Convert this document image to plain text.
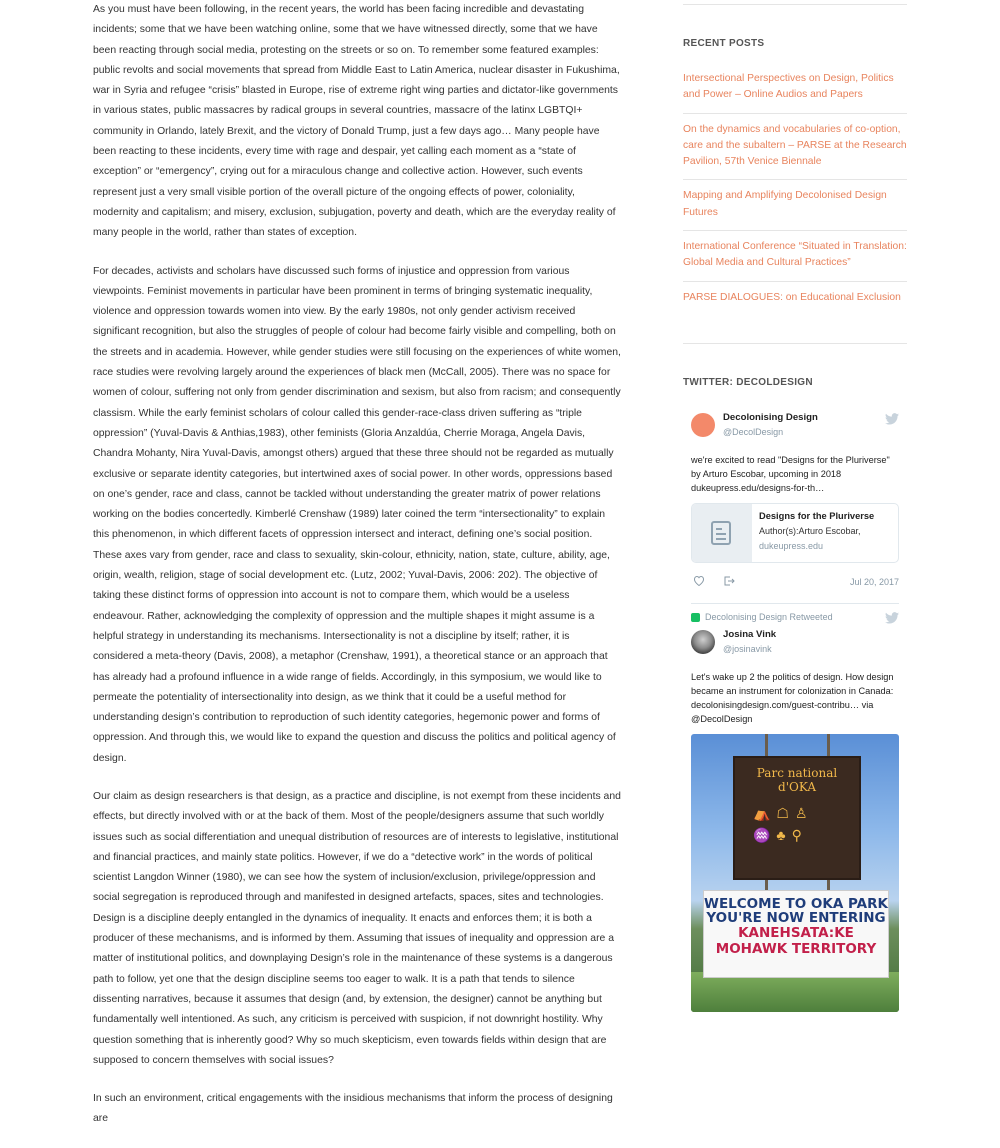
As you must have been following, in the recent years, the world has been facing incredible and devastating incidents; some that we have been watching online, some that we have witnessed directly, some that we have been reacting through social media, protesting on the streets or so on. To remember some featured examples: public revolts and social movements that spread from Middle East to Latin America, nuclear disaster in Fukushima, war in Syria and refugee “crisis” blasted in Europe, rise of extreme right wing parties and dictator-like governments in various states, public massacres by radical groups in several countries, massacre of the latinx LGBTQI+ community in Orlando, lately Brexit, and the victory of Donald Trump, just a few days ago… Many people have been reacting to these incidents, every time with rage and despair, yet calling each moment as a “state of exception” or “emergency”, crying out for a miraculous change and collective action. However, such events represent just a very small visible portion of the overall picture of the ongoing effects of power, coloniality, modernity and capitalism; and misery, exclusion, subjugation, poverty and death, which are the everyday reality of many people in the world, rather than states of exception.

For decades, activists and scholars have discussed such forms of injustice and oppression from various viewpoints. Feminist movements in particular have been prominent in terms of bringing systematic inequality, violence and oppression towards women into view. By the early 1980s, not only gender activism received significant recognition, but also the struggles of people of colour had become fairly visible and compelling, both on the streets and in academia. However, while gender studies were still focusing on the experiences of white women, race studies were revolving largely around the experiences of black men (McCall, 2005). There was no space for women of colour, suffering not only from gender discrimination and sexism, but also from racism; and consequently classism. While the early feminist scholars of colour called this gender-race-class driven suffering as “triple oppression” (Yuval-Davis & Anthias,1983), other feminists (Gloria Anzaldúa, Cherrie Moraga, Angela Davis, Chandra Mohanty, Nira Yuval-Davis, amongst others) argued that these three should not be regarded as mutually exclusive or separate identity categories, but intertwined axes of social power. In other words, oppressions based on one’s gender, race and class, cannot be tackled without understanding the greater matrix of power relations working on the bodies concertedly. Kimberlé Crenshaw (1989) later coined the term “intersectionality” to explain this phenomenon, in which different facets of oppression intersect and interact, defining one’s social position. These axes vary from gender, race and class to sexuality, skin-colour, ethnicity, nation, state, culture, ability, age, origin, wealth, religion, stage of social development etc. (Lutz, 2002; Yuval-Davis, 2006: 202). The objective of taking these distinct forms of oppression into account is not to compare them, which would be a useless endeavour. Rather, acknowledging the complexity of oppression and the multiple shapes it might assume is a helpful strategy in understanding its mechanisms. Intersectionality is not a discipline by itself; rather, it is considered a meta-theory (Davis, 2008), a metaphor (Crenshaw, 1991), a theoretical stance or an approach that has already had a profound influence in a wide range of fields. Accordingly, in this symposium, we would like to permeate the potentiality of intersectionality into design, as we think that it could be a useful method for understanding design’s contribution to reproduction of such identity categories, hegemonic power and forms of oppression. And through this, we would like to expand the question and discuss the politics and political agency of design.

Our claim as design researchers is that design, as a practice and discipline, is not exempt from these incidents and effects, but directly involved with or at the back of them. Most of the people/designers assume that such worldly issues such as social differentiation and unequal distribution of resources are of interests to legislative, institutional and financial practices, and mainly state politics. However, if we do a “detective work” in the words of political scientist Langdon Winner (1980), we can see how the system of inclusion/exclusion, privilege/oppression and social segregation is reproduced through and manifested in designed artefacts, spaces, sites and technologies. Design is a discipline deeply entangled in the dynamics of inequality. It enacts and enforces them; it is both a producer of these mechanisms, and is informed by them. Assuming that issues of inequality and oppression are a matter of institutional politics, and downplaying Design’s role in the maintenance of these systems is a dangerous path to follow, yet one that the design discipline seems too eager to walk. It is a path that tends to silence dissenting narratives, because it assumes that design (and, by extension, the designer) cannot be anything but fundamentally well intentioned. As such, any criticism is perceived with suspicion, if not downright hostility. Why question something that is inherently good? Why so much skepticism, even towards fields within design that are supposed to concern themselves with social issues?

In such an environment, critical engagements with the insidious mechanisms that inform the process of designing are

RECENT POSTS
Intersectional Perspectives on Design, Politics and Power – Online Audios and Papers
On the dynamics and vocabularies of co-option, care and the subaltern – PARSE at the Research Pavilion, 57th Venice Biennale
Mapping and Amplifying Decolonised Design Futures
International Conference “Situated in Translation: Global Media and Cultural Practices”
PARSE DIALOGUES: on Educational Exclusion
TWITTER: DECOLDESIGN
Decolonising Design
@DecolDesign

we're excited to read "Designs for the Pluriverse" by Arturo Escobar, upcoming in 2018
dukeupress.edu/designs-for-th…

Designs for the Pluriverse
Author(s):Arturo Escobar,
dukeupress.edu
Jul 20, 2017
Decolonising Design Retweeted
Josina Vink
@josinavink

Let's wake up 2 the politics of design. How design became an instrument for colonization in Canada: decolonisingdesign.com/guest-contribu… via @DecolDesign

Parc national
d'OKA
⛺☖♙
♒♣⚲
WELCOME TO OKA PARK
YOU'RE NOW ENTERING
KANEHSATA:KE
MOHAWK TERRITORY
